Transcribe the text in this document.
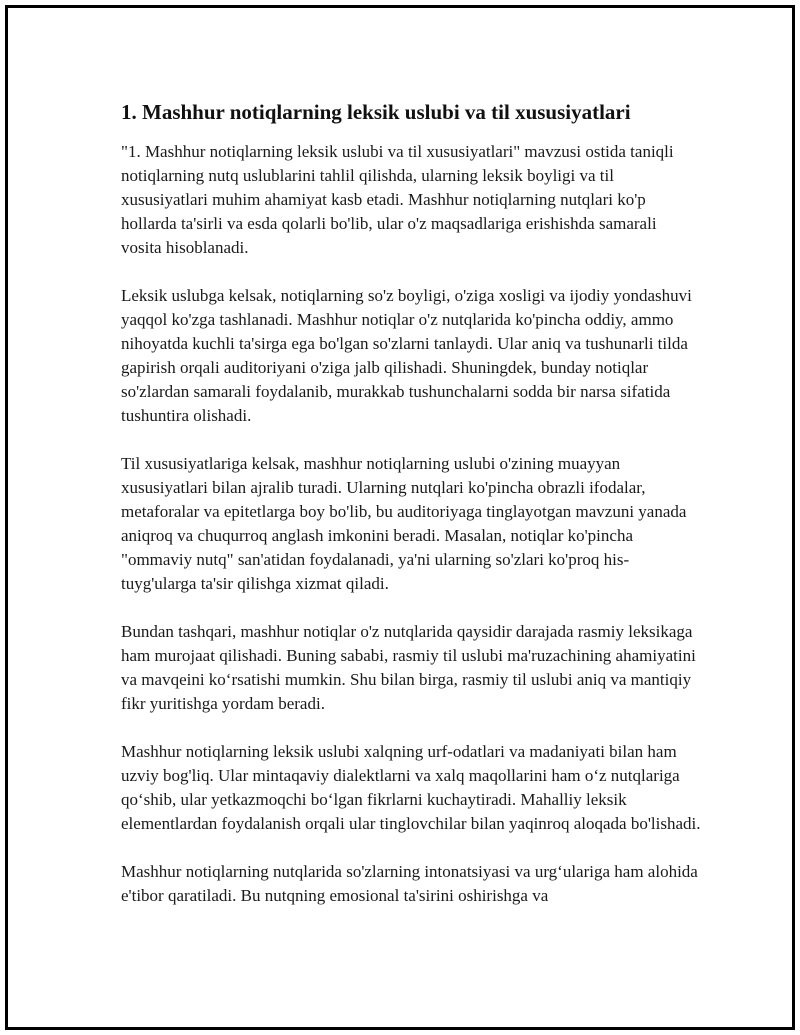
1. Mashhur notiqlarning leksik uslubi va til xususiyatlari

"1. Mashhur notiqlarning leksik uslubi va til xususiyatlari" mavzusi ostida taniqli notiqlarning nutq uslublarini tahlil qilishda, ularning leksik boyligi va til xususiyatlari muhim ahamiyat kasb etadi. Mashhur notiqlarning nutqlari ko'p hollarda ta'sirli va esda qolarli bo'lib, ular o'z maqsadlariga erishishda samarali vosita hisoblanadi.

Leksik uslubga kelsak, notiqlarning so'z boyligi, o'ziga xosligi va ijodiy yondashuvi yaqqol ko'zga tashlanadi. Mashhur notiqlar o'z nutqlarida ko'pincha oddiy, ammo nihoyatda kuchli ta'sirga ega bo'lgan so'zlarni tanlaydi. Ular aniq va tushunarli tilda gapirish orqali auditoriyani o'ziga jalb qilishadi. Shuningdek, bunday notiqlar so'zlardan samarali foydalanib, murakkab tushunchalarni sodda bir narsa sifatida tushuntira olishadi.

Til xususiyatlariga kelsak, mashhur notiqlarning uslubi o'zining muayyan xususiyatlari bilan ajralib turadi. Ularning nutqlari ko'pincha obrazli ifodalar, metaforalar va epitetlarga boy bo'lib, bu auditoriyaga tinglayotgan mavzuni yanada aniqroq va chuqurroq anglash imkonini beradi. Masalan, notiqlar ko'pincha "ommaviy nutq" san'atidan foydalanadi, ya'ni ularning so'zlari ko'proq his-tuyg'ularga ta'sir qilishga xizmat qiladi.

Bundan tashqari, mashhur notiqlar o'z nutqlarida qaysidir darajada rasmiy leksikaga ham murojaat qilishadi. Buning sababi, rasmiy til uslubi ma'ruzachining ahamiyatini va mavqeini ko‘rsatishi mumkin. Shu bilan birga, rasmiy til uslubi aniq va mantiqiy fikr yuritishga yordam beradi.

Mashhur notiqlarning leksik uslubi xalqning urf-odatlari va madaniyati bilan ham uzviy bog'liq. Ular mintaqaviy dialektlarni va xalq maqollarini ham o‘z nutqlariga qo‘shib, ular yetkazmoqchi bo‘lgan fikrlarni kuchaytiradi. Mahalliy leksik elementlardan foydalanish orqali ular tinglovchilar bilan yaqinroq aloqada bo'lishadi.

Mashhur notiqlarning nutqlarida so'zlarning intonatsiyasi va urg‘ulariga ham alohida e'tibor qaratiladi. Bu nutqning emosional ta'sirini oshirishga va
